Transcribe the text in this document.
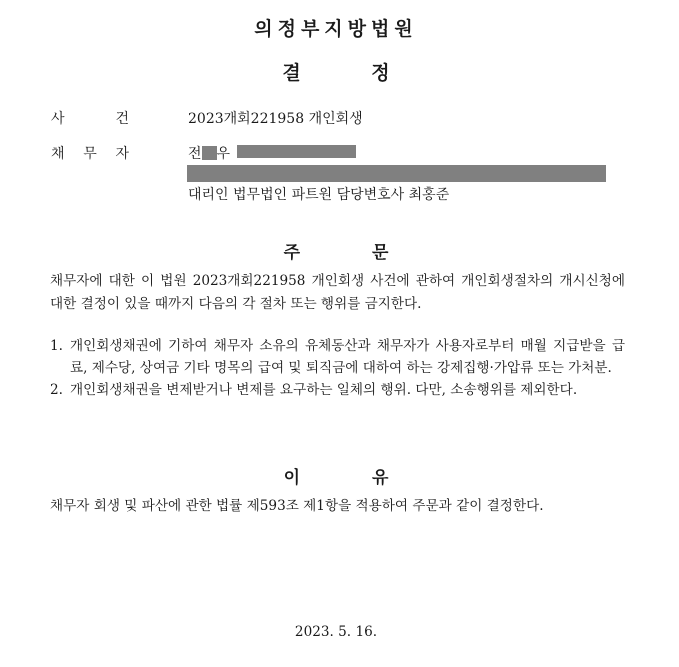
의정부지방법원
결 정
사	건	2023개회221958 개인회생
채 무 자	전 우
대리인 법무법인 파트원 담당변호사 최홍준
주 문
채무자에 대한 이 법원 2023개회221958 개인회생 사건에 관하여 개인회생절차의 개시신청에 대한 결정이 있을 때까지 다음의 각 절차 또는 행위를 금지한다.
1. 개인회생채권에 기하여 채무자 소유의 유체동산과 채무자가 사용자로부터 매월 지급받을 급료, 제수당, 상여금 기타 명목의 급여 및 퇴직금에 대하여 하는 강제집행·가압류 또는 가처분.
2. 개인회생채권을 변제받거나 변제를 요구하는 일체의 행위. 다만, 소송행위를 제외한다.
이 유
채무자 회생 및 파산에 관한 법률 제593조 제1항을 적용하여 주문과 같이 결정한다.
2023. 5. 16.
